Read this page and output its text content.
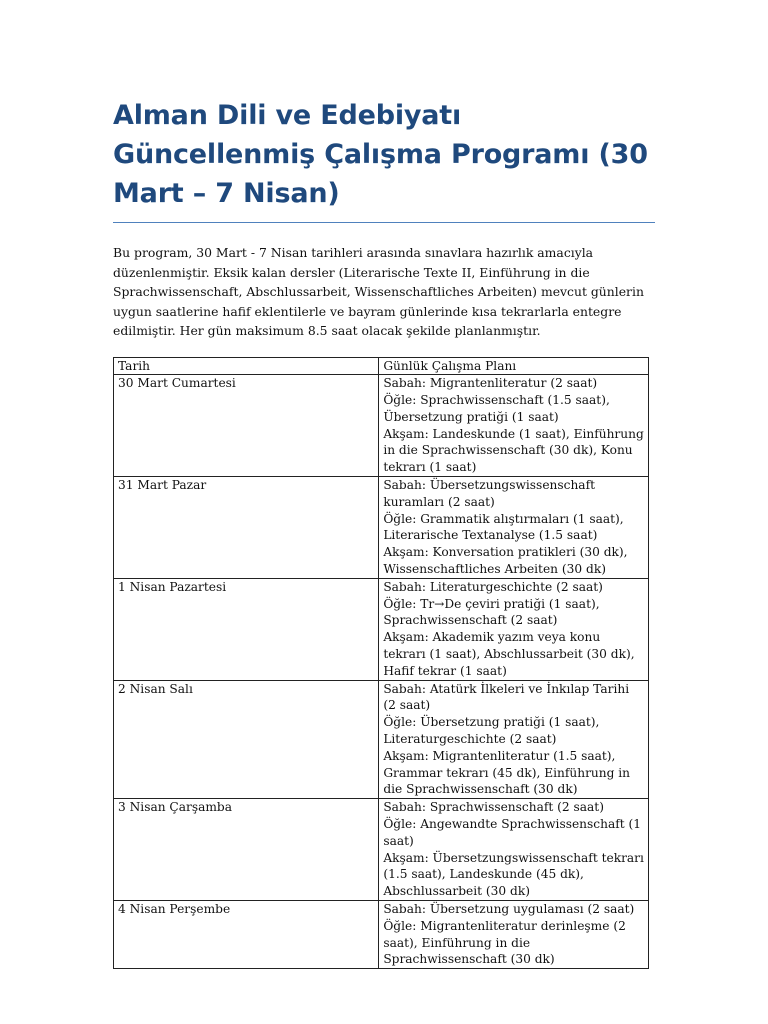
Alman Dili ve Edebiyatı Güncellenmiş Çalışma Programı (30 Mart – 7 Nisan)

Bu program, 30 Mart - 7 Nisan tarihleri arasında sınavlara hazırlık amacıyla düzenlenmiştir. Eksik kalan dersler (Literarische Texte II, Einführung in die Sprachwissenschaft, Abschlussarbeit, Wissenschaftliches Arbeiten) mevcut günlerin uygun saatlerine hafif eklentilerle ve bayram günlerinde kısa tekrarlarla entegre edilmiştir. Her gün maksimum 8.5 saat olacak şekilde planlanmıştır.

Tarih	Günlük Çalışma Planı
30 Mart Cumartesi	Sabah: Migrantenliteratur (2 saat)
Öğle: Sprachwissenschaft (1.5 saat), Übersetzung pratiği (1 saat)
Akşam: Landeskunde (1 saat), Einführung in die Sprachwissenschaft (30 dk), Konu tekrarı (1 saat)

31 Mart Pazar	Sabah: Übersetzungswissenschaft kuramları (2 saat)
Öğle: Grammatik alıştırmaları (1 saat), Literarische Textanalyse (1.5 saat)
Akşam: Konversation pratikleri (30 dk), Wissenschaftliches Arbeiten (30 dk)

1 Nisan Pazartesi	Sabah: Literaturgeschichte (2 saat)
Öğle: Tr→De çeviri pratiği (1 saat), Sprachwissenschaft (2 saat)
Akşam: Akademik yazım veya konu tekrarı (1 saat), Abschlussarbeit (30 dk), Hafif tekrar (1 saat)

2 Nisan Salı	Sabah: Atatürk İlkeleri ve İnkılap Tarihi (2 saat)
Öğle: Übersetzung pratiği (1 saat), Literaturgeschichte (2 saat)
Akşam: Migrantenliteratur (1.5 saat), Grammar tekrarı (45 dk), Einführung in die Sprachwissenschaft (30 dk)

3 Nisan Çarşamba	Sabah: Sprachwissenschaft (2 saat)
Öğle: Angewandte Sprachwissenschaft (1 saat)
Akşam: Übersetzungswissenschaft tekrarı (1.5 saat), Landeskunde (45 dk), Abschlussarbeit (30 dk)

4 Nisan Perşembe	Sabah: Übersetzung uygulaması (2 saat)
Öğle: Migrantenliteratur derinleşme (2 saat), Einführung in die Sprachwissenschaft (30 dk)
